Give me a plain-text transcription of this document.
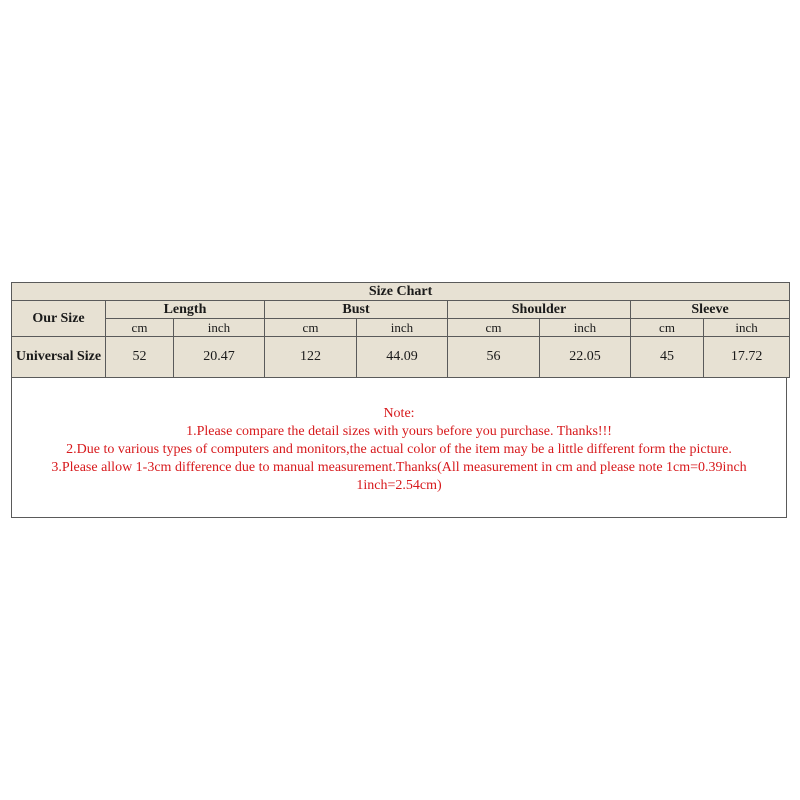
Size Chart								
Our Size	Length		Bust		Shoulder		Sleeve	
	cm	inch	cm	inch	cm	inch	cm	inch
Universal Size	52	20.47	122	44.09	56	22.05	45	17.72
Note:
1.Please compare the detail sizes with yours before you purchase. Thanks!!!
2.Due to various types of computers and monitors,the actual color of the item may be a little different form the picture.
3.Please allow 1-3cm difference due to manual measurement.Thanks(All measurement in cm and please note 1cm=0.39inch
1inch=2.54cm)
